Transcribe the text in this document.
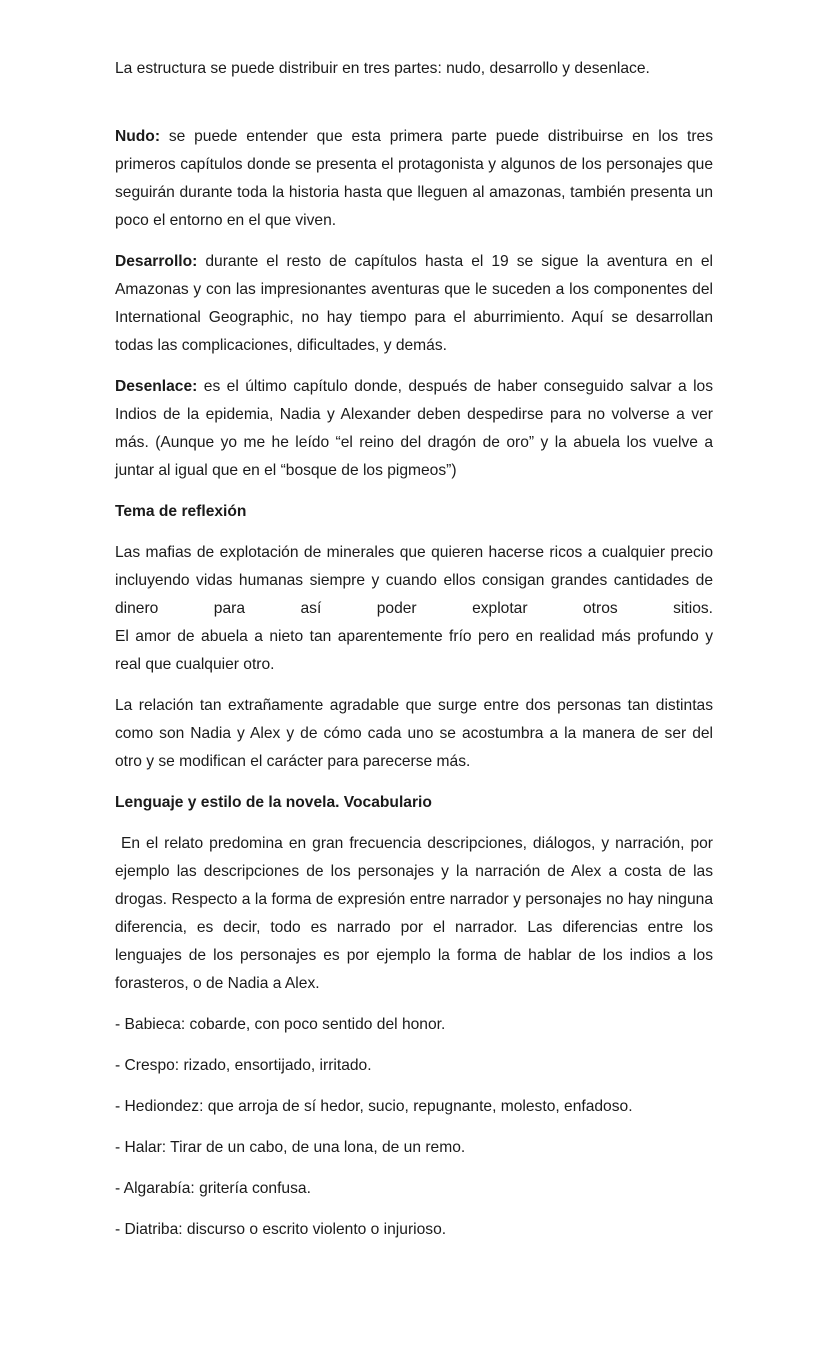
La estructura se puede distribuir en tres partes: nudo, desarrollo y desenlace.

Nudo: se puede entender que esta primera parte puede distribuirse en los tres primeros capítulos donde se presenta el protagonista y algunos de los personajes que seguirán durante toda la historia hasta que lleguen al amazonas, también presenta un poco el entorno en el que viven.

Desarrollo: durante el resto de capítulos hasta el 19 se sigue la aventura en el Amazonas y con las impresionantes aventuras que le suceden a los componentes del International Geographic, no hay tiempo para el aburrimiento. Aquí se desarrollan todas las complicaciones, dificultades, y demás.

Desenlace: es el último capítulo donde, después de haber conseguido salvar a los Indios de la epidemia, Nadia y Alexander deben despedirse para no volverse a ver más. (Aunque yo me he leído “el reino del dragón de oro” y la abuela los vuelve a juntar al igual que en el “bosque de los pigmeos”)

Tema de reflexión

Las mafias de explotación de minerales que quieren hacerse ricos a cualquier precio incluyendo vidas humanas siempre y cuando ellos consigan grandes cantidades de dinero para así poder explotar otros sitios.
El amor de abuela a nieto tan aparentemente frío pero en realidad más profundo y real que cualquier otro.

La relación tan extrañamente agradable que surge entre dos personas tan distintas como son Nadia y Alex y de cómo cada uno se acostumbra a la manera de ser del otro y se modifican el carácter para parecerse más.

Lenguaje y estilo de la novela. Vocabulario

En el relato predomina en gran frecuencia descripciones, diálogos, y narración, por ejemplo las descripciones de los personajes y la narración de Alex a costa de las drogas. Respecto a la forma de expresión entre narrador y personajes no hay ninguna diferencia, es decir, todo es narrado por el narrador. Las diferencias entre los lenguajes de los personajes es por ejemplo la forma de hablar de los indios a los forasteros, o de Nadia a Alex.

- Babieca: cobarde, con poco sentido del honor.

- Crespo: rizado, ensortijado, irritado.

- Hediondez: que arroja de sí hedor, sucio, repugnante, molesto, enfadoso.

- Halar: Tirar de un cabo, de una lona, de un remo.

- Algarabía: gritería confusa.

- Diatriba: discurso o escrito violento o injurioso.
